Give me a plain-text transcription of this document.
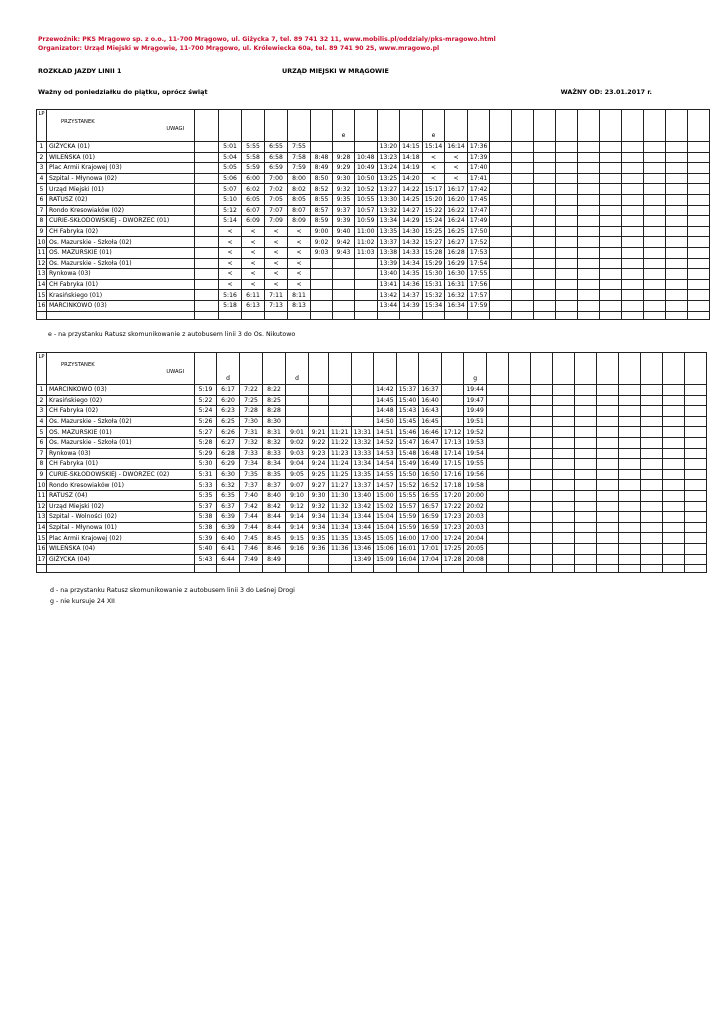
Przewoźnik: PKS Mrągowo sp. z o.o., 11-700 Mrągowo, ul. Giżycka 7, tel. 89 741 32 11, www.mobilis.pl/oddzialy/pks-mragowo.html
Organizator: Urząd Miejski w Mrągowie, 11-700 Mrągowo, ul. Królewiecka 60a, tel. 89 741 90 25, www.mragowo.pl
ROZKŁAD JAZDY LINII 1	URZĄD MIEJSKI W MRĄGOWIE
Ważny od poniedziałku do piątku, oprócz świąt	WAŻNY OD: 23.01.2017 r.
LP	PRZYSTANEK
UWAGI							e				e												
1	GIŻYCKA (01)		5:01	5:55	6:55	7:55				13:20	14:15	15:14	16:14	17:36										
2	WILEŃSKA (01)		5:04	5:58	6:58	7:58	8:48	9:28	10:48	13:23	14:18	<	<	17:39										
3	Plac Armii Krajowej (03)		5:05	5:59	6:59	7:59	8:49	9:29	10:49	13:24	14:19	<	<	17:40										
4	Szpital - Młynowa (02)		5:06	6:00	7:00	8:00	8:50	9:30	10:50	13:25	14:20	<	<	17:41										
5	Urząd Miejski (01)		5:07	6:02	7:02	8:02	8:52	9:32	10:52	13:27	14:22	15:17	16:17	17:42										
6	RATUSZ (02)		5:10	6:05	7:05	8:05	8:55	9:35	10:55	13:30	14:25	15:20	16:20	17:45										
7	Rondo Kresowiaków (02)		5:12	6:07	7:07	8:07	8:57	9:37	10:57	13:32	14:27	15:22	16:22	17:47										
8	CURIE-SKŁODOWSKIEJ - DWORZEC (01)		5:14	6:09	7:09	8:09	8:59	9:39	10:59	13:34	14:29	15:24	16:24	17:49										
9	CH Fabryka (02)		<	<	<	<	9:00	9:40	11:00	13:35	14:30	15:25	16:25	17:50										
10	Os. Mazurskie - Szkoła (02)		<	<	<	<	9:02	9:42	11:02	13:37	14:32	15:27	16:27	17:52										
11	OS. MAZURSKIE (01)		<	<	<	<	9:03	9:43	11:03	13:38	14:33	15:28	16:28	17:53										
12	Os. Mazurskie - Szkoła (01)		<	<	<	<				13:39	14:34	15:29	16:29	17:54										
13	Rynkowa (03)		<	<	<	<				13:40	14:35	15:30	16:30	17:55										
14	CH Fabryka (01)		<	<	<	<				13:41	14:36	15:31	16:31	17:56										
15	Krasińskiego (01)		5:16	6:11	7:11	8:11				13:42	14:37	15:32	16:32	17:57										
16	MARCINKOWO (03)		5:18	6:13	7:13	8:13				13:44	14:39	15:34	16:34	17:59										

e - na przystanku Ratusz skomunikowanie z autobusem linii 3 do Os. Nikutowo
LP	PRZYSTANEK
UWAGI		d			d								g										
1	MARCINKOWO (03)	5:19	6:17	7:22	8:22					14:42	15:37	16:37		19:44										
2	Krasińskiego (02)	5:22	6:20	7:25	8:25					14:45	15:40	16:40		19:47										
3	CH Fabryka (02)	5:24	6:23	7:28	8:28					14:48	15:43	16:43		19:49										
4	Os. Mazurskie - Szkoła (02)	5:26	6:25	7:30	8:30					14:50	15:45	16:45		19:51										
5	OS. MAZURSKIE (01)	5:27	6:26	7:31	8:31	9:01	9:21	11:21	13:31	14:51	15:46	16:46	17:12	19:52										
6	Os. Mazurskie - Szkoła (01)	5:28	6:27	7:32	8:32	9:02	9:22	11:22	13:32	14:52	15:47	16:47	17:13	19:53										
7	Rynkowa (03)	5:29	6:28	7:33	8:33	9:03	9:23	11:23	13:33	14:53	15:48	16:48	17:14	19:54										
8	CH Fabryka (01)	5:30	6:29	7:34	8:34	9:04	9:24	11:24	13:34	14:54	15:49	16:49	17:15	19:55										
9	CURIE-SKŁODOWSKIEJ - DWORZEC (02)	5:31	6:30	7:35	8:35	9:05	9:25	11:25	13:35	14:55	15:50	16:50	17:16	19:56										
10	Rondo Kresowiaków (01)	5:33	6:32	7:37	8:37	9:07	9:27	11:27	13:37	14:57	15:52	16:52	17:18	19:58										
11	RATUSZ (04)	5:35	6:35	7:40	8:40	9:10	9:30	11:30	13:40	15:00	15:55	16:55	17:20	20:00										
12	Urząd Miejski (02)	5:37	6:37	7:42	8:42	9:12	9:32	11:32	13:42	15:02	15:57	16:57	17:22	20:02										
13	Szpital - Wolności (02)	5:38	6:39	7:44	8:44	9:14	9:34	11:34	13:44	15:04	15:59	16:59	17:23	20:03										
14	Szpital - Młynowa (01)	5:38	6:39	7:44	8:44	9:14	9:34	11:34	13:44	15:04	15:59	16:59	17:23	20:03										
15	Plac Armii Krajowej (02)	5:39	6:40	7:45	8:45	9:15	9:35	11:35	13:45	15:05	16:00	17:00	17:24	20:04										
16	WILEŃSKA (04)	5:40	6:41	7:46	8:46	9:16	9:36	11:36	13:46	15:06	16:01	17:01	17:25	20:05										
17	GIŻYCKA (04)	5:43	6:44	7:49	8:49				13:49	15:09	16:04	17:04	17:28	20:08										

d - na przystanku Ratusz skomunikowanie z autobusem linii 3 do Leśnej Drogi
g - nie kursuje 24 XII
